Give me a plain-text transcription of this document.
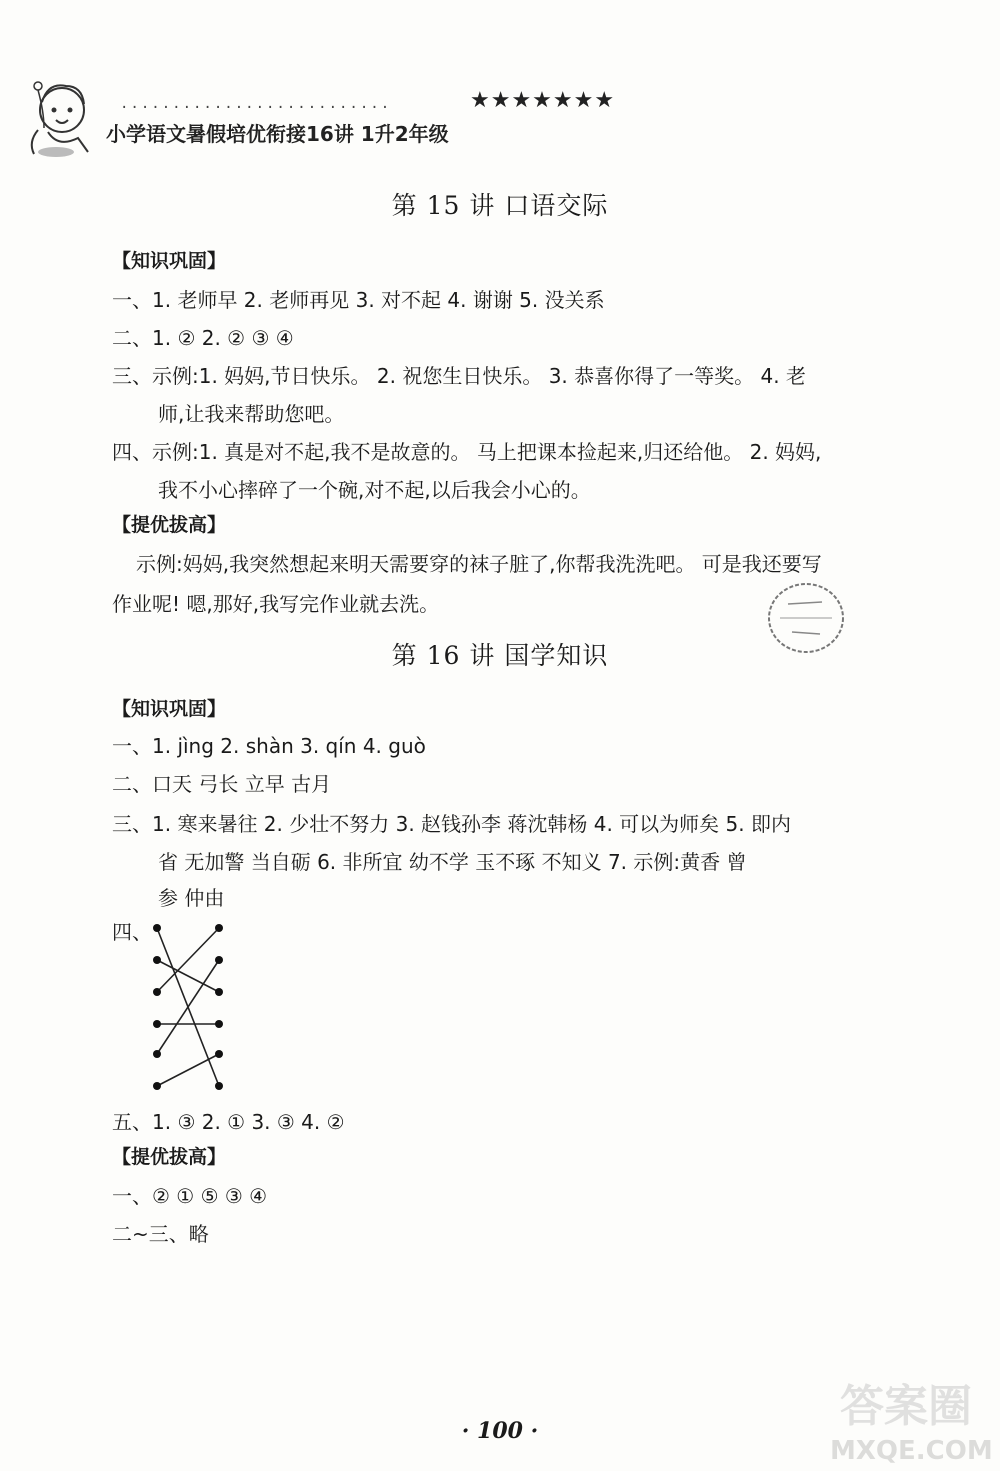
..........................	★★★★★★★
小学语文暑假培优衔接16讲 1升2年级
第 15 讲 口语交际
【知识巩固】
一、1. 老师早 2. 老师再见 3. 对不起 4. 谢谢 5. 没关系
二、1. ② 2. ② ③ ④
三、示例:1. 妈妈,节日快乐。 2. 祝您生日快乐。 3. 恭喜你得了一等奖。 4. 老
师,让我来帮助您吧。
四、示例:1. 真是对不起,我不是故意的。 马上把课本捡起来,归还给他。 2. 妈妈,
我不小心摔碎了一个碗,对不起,以后我会小心的。
【提优拔高】
示例:妈妈,我突然想起来明天需要穿的袜子脏了,你帮我洗洗吧。 可是我还要写
作业呢! 嗯,那好,我写完作业就去洗。
第 16 讲 国学知识
【知识巩固】
一、1. jìng 2. shàn 3. qín 4. guò
二、口天 弓长 立早 古月
三、1. 寒来暑往 2. 少壮不努力 3. 赵钱孙李 蒋沈韩杨 4. 可以为师矣 5. 即内
省 无加警 当自砺 6. 非所宜 幼不学 玉不琢 不知义 7. 示例:黄香 曾
参 仲由
四、
五、1. ③ 2. ① 3. ③ 4. ②
【提优拔高】
一、② ① ⑤ ③ ④
二~三、略
· 100 ·	答案圈
MXQE.COM
